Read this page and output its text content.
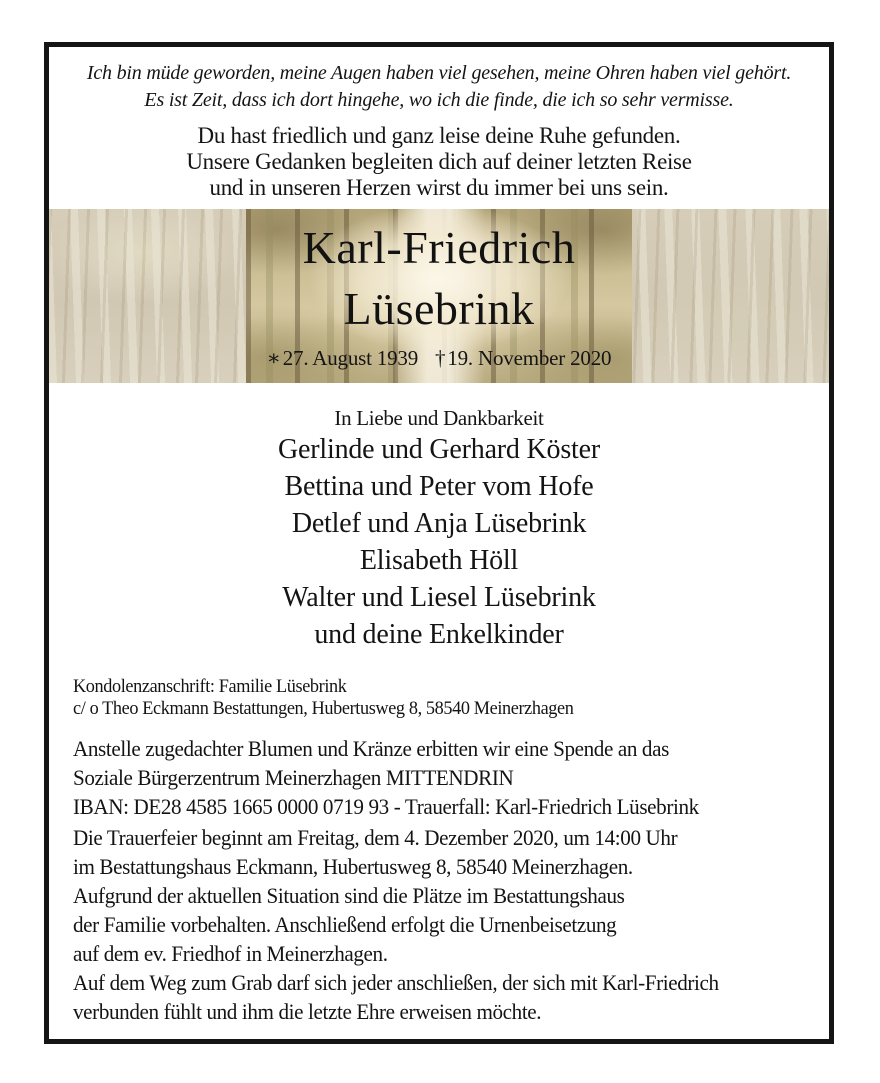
Ich bin müde geworden, meine Augen haben viel gesehen, meine Ohren haben viel gehört.
Es ist Zeit, dass ich dort hingehe, wo ich die finde, die ich so sehr vermisse.
Du hast friedlich und ganz leise deine Ruhe gefunden.
Unsere Gedanken begleiten dich auf deiner letzten Reise
und in unseren Herzen wirst du immer bei uns sein.
Karl-Friedrich
Lüsebrink
∗27. August 1939 †19. November 2020
In Liebe und Dankbarkeit
Gerlinde und Gerhard Köster
Bettina und Peter vom Hofe
Detlef und Anja Lüsebrink
Elisabeth Höll
Walter und Liesel Lüsebrink
und deine Enkelkinder
Kondolenzanschrift: Familie Lüsebrink
c/ o Theo Eckmann Bestattungen, Hubertusweg 8, 58540 Meinerzhagen
Anstelle zugedachter Blumen und Kränze erbitten wir eine Spende an das
Soziale Bürgerzentrum Meinerzhagen MITTENDRIN
IBAN: DE28 4585 1665 0000 0719 93 - Trauerfall: Karl-Friedrich Lüsebrink
Die Trauerfeier beginnt am Freitag, dem 4. Dezember 2020, um 14:00 Uhr
im Bestattungshaus Eckmann, Hubertusweg 8, 58540 Meinerzhagen.
Aufgrund der aktuellen Situation sind die Plätze im Bestattungshaus
der Familie vorbehalten. Anschließend erfolgt die Urnenbeisetzung
auf dem ev. Friedhof in Meinerzhagen.
Auf dem Weg zum Grab darf sich jeder anschließen, der sich mit Karl-Friedrich
verbunden fühlt und ihm die letzte Ehre erweisen möchte.
